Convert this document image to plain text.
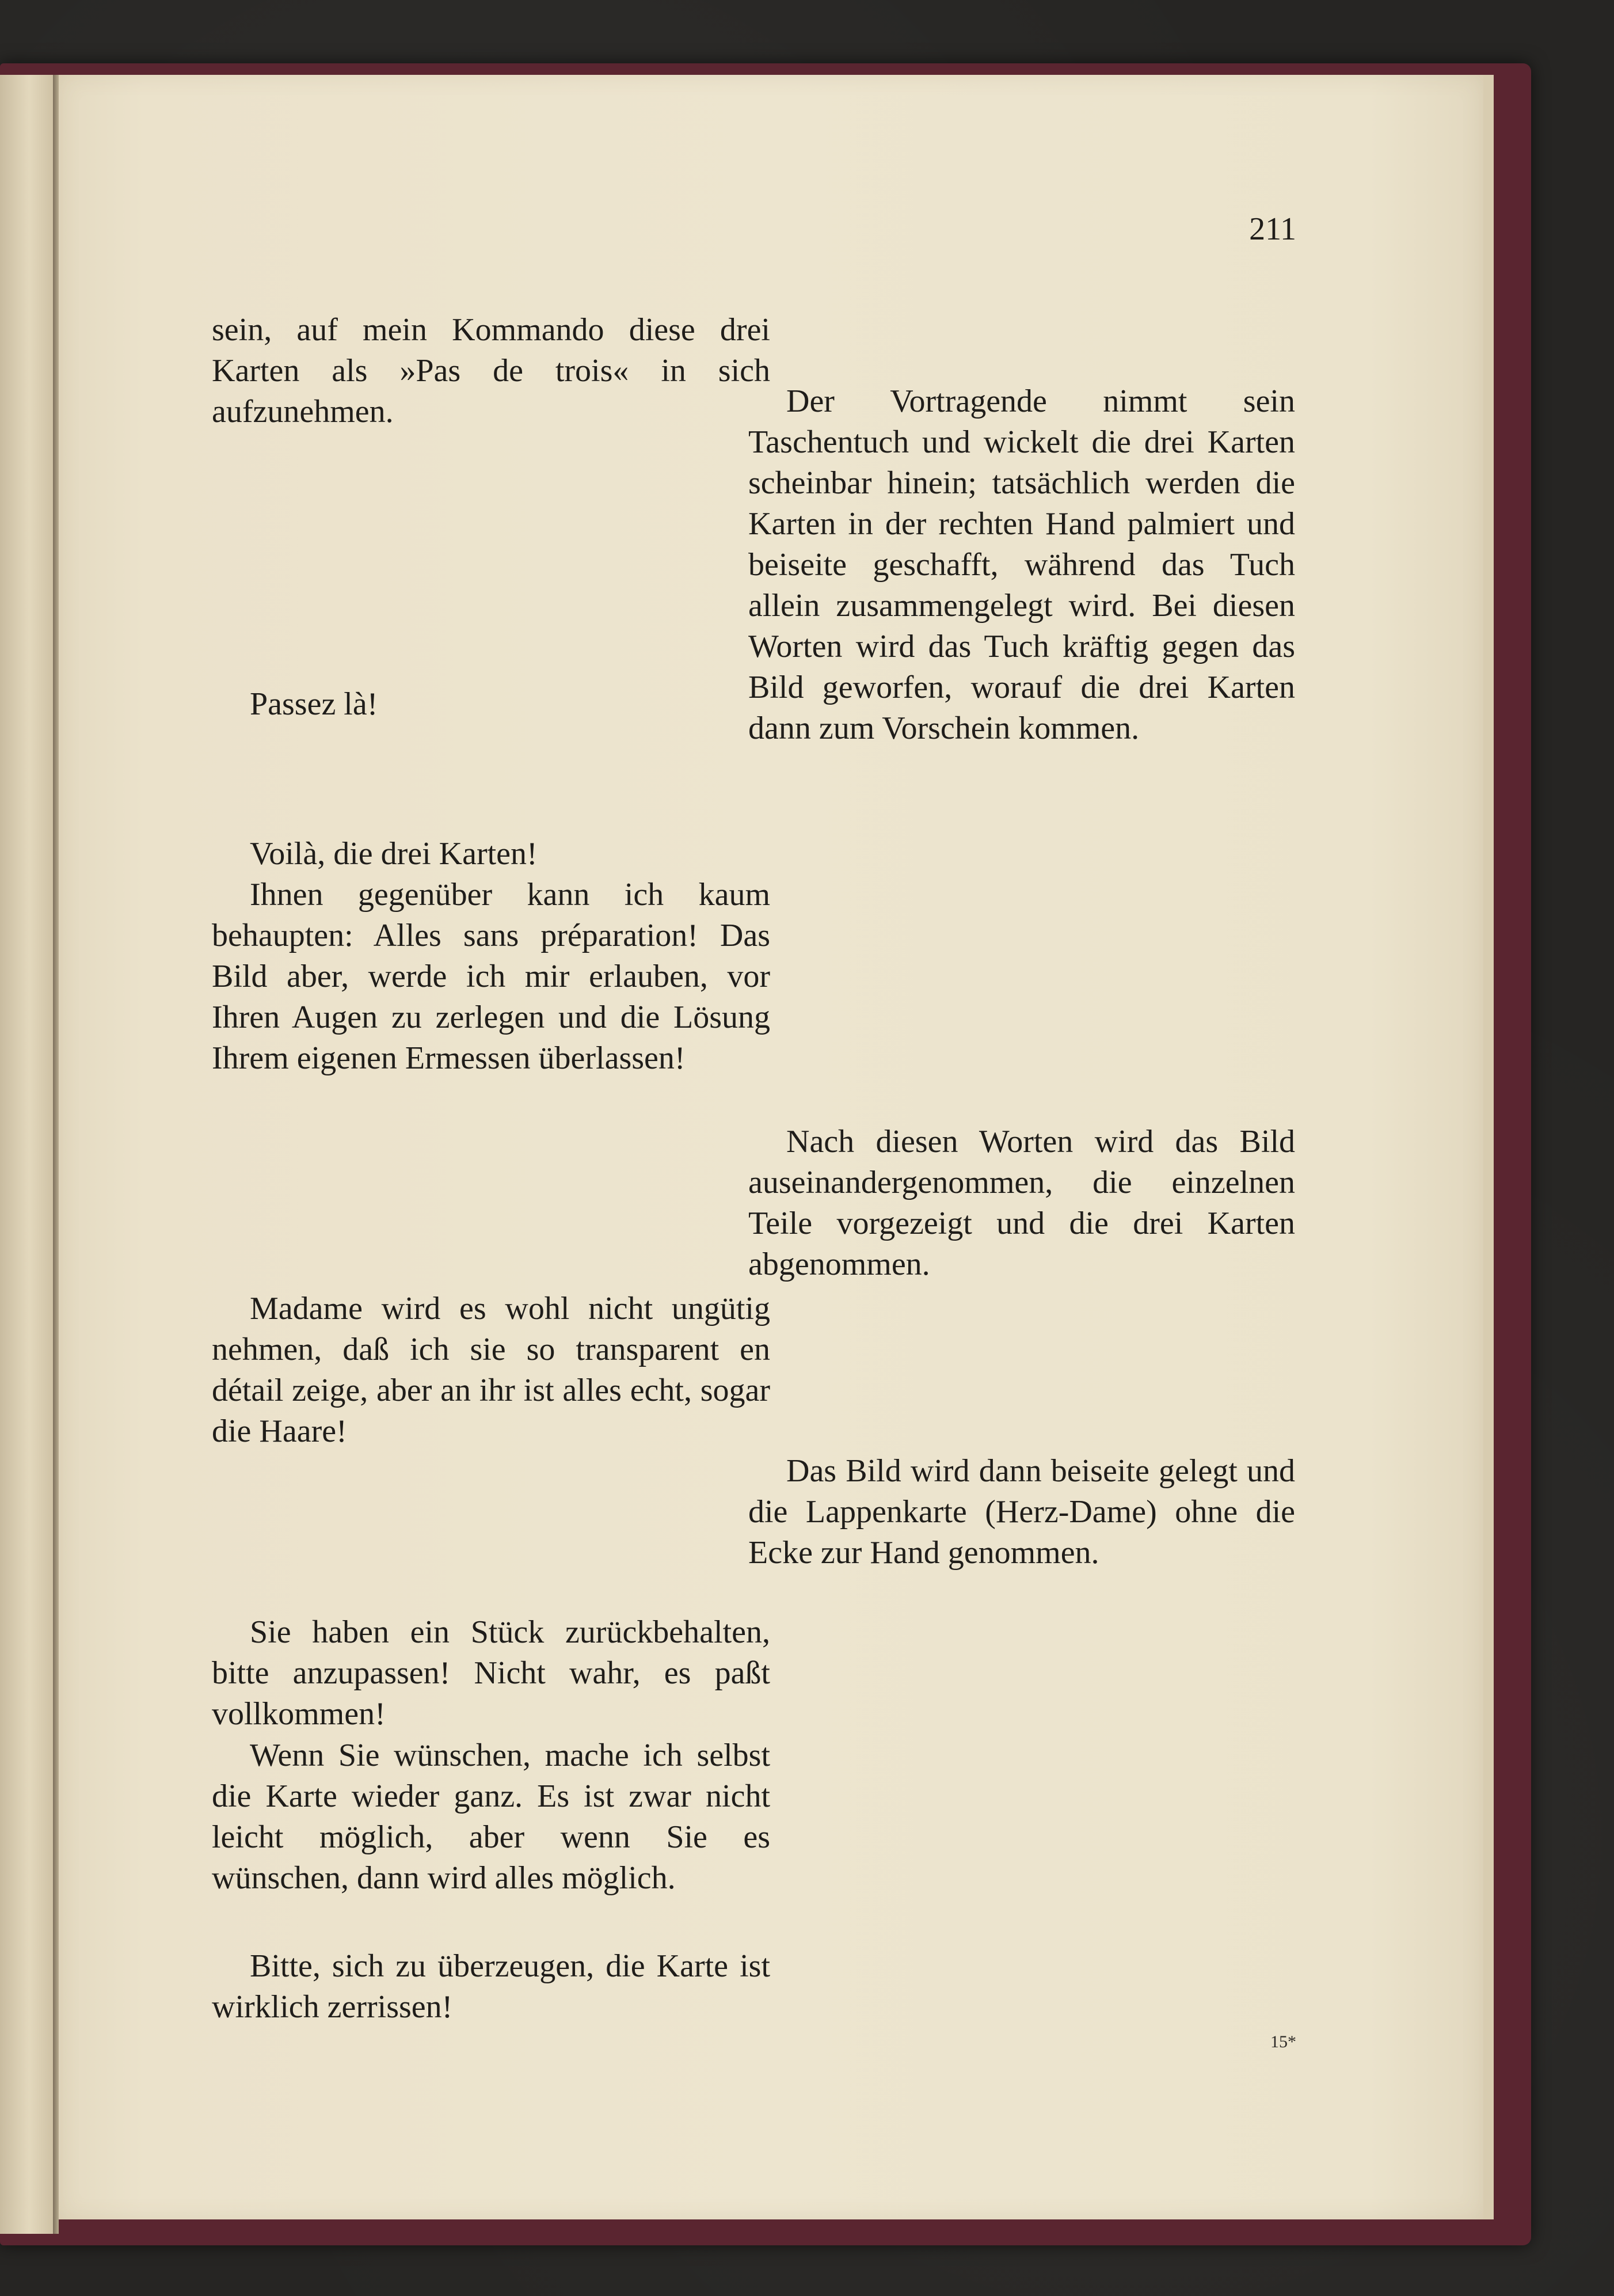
211

sein, auf mein Kommando diese drei Karten als »Pas de trois« in sich aufzunehmen.

Passez là!

Voilà, die drei Karten!

Ihnen gegenüber kann ich kaum behaupten: Alles sans préparation! Das Bild aber, werde ich mir erlauben, vor Ihren Augen zu zerlegen und die Lösung Ihrem eigenen Ermessen überlassen!

Madame wird es wohl nicht ungütig nehmen, daß ich sie so transparent en détail zeige, aber an ihr ist alles echt, sogar die Haare!

Sie haben ein Stück zurückbehalten, bitte anzupassen! Nicht wahr, es paßt vollkommen!

Wenn Sie wünschen, mache ich selbst die Karte wieder ganz. Es ist zwar nicht leicht möglich, aber wenn Sie es wünschen, dann wird alles möglich.

Bitte, sich zu überzeugen, die Karte ist wirklich zerrissen!

Der Vortragende nimmt sein Taschentuch und wickelt die drei Karten scheinbar hinein; tatsächlich werden die Karten in der rechten Hand palmiert und beiseite geschafft, während das Tuch allein zusammengelegt wird. Bei diesen Worten wird das Tuch kräftig gegen das Bild geworfen, worauf die drei Karten dann zum Vorschein kommen.

Nach diesen Worten wird das Bild auseinandergenommen, die einzelnen Teile vorgezeigt und die drei Karten abgenommen.

Das Bild wird dann beiseite gelegt und die Lappenkarte (Herz-Dame) ohne die Ecke zur Hand genommen.

15*
